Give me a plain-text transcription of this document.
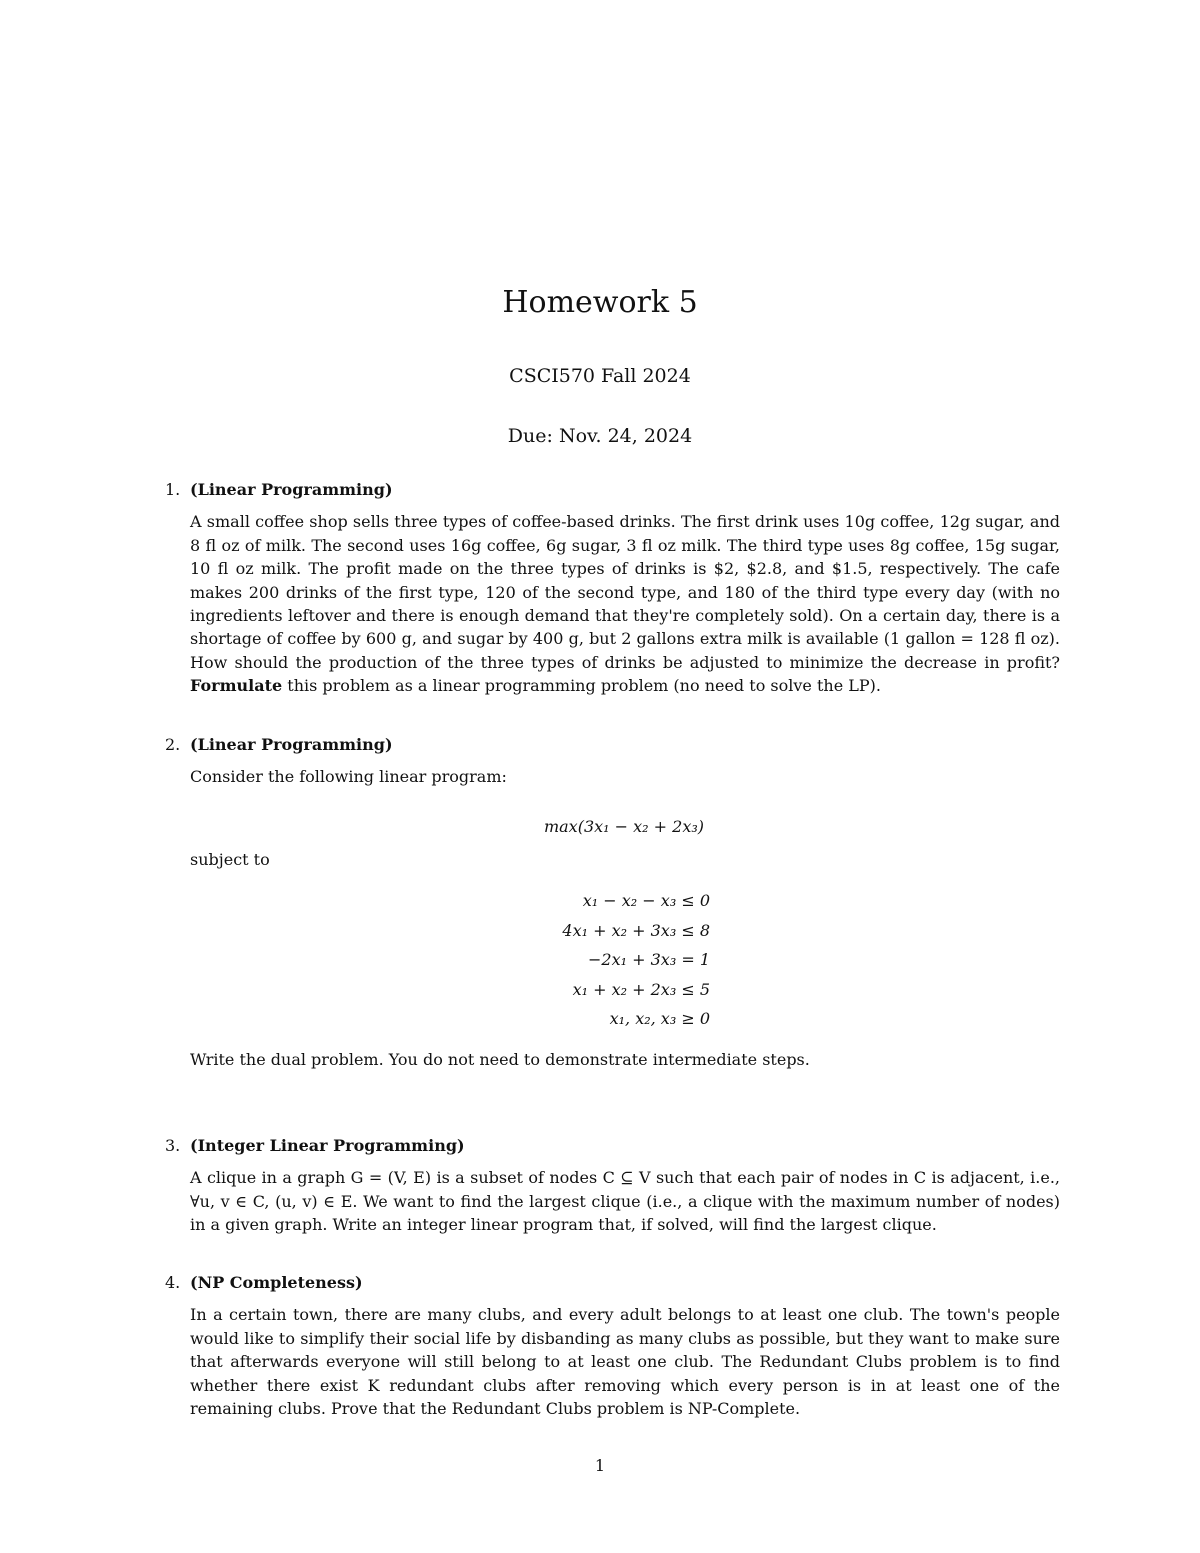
Homework 5
CSCI570 Fall 2024
Due: Nov. 24, 2024
1. (Linear Programming)
A small coffee shop sells three types of coffee-based drinks. The first drink uses 10g coffee, 12g sugar, and 8 fl oz of milk. The second uses 16g coffee, 6g sugar, 3 fl oz milk. The third type uses 8g coffee, 15g sugar, 10 fl oz milk. The profit made on the three types of drinks is $2, $2.8, and $1.5, respectively. The cafe makes 200 drinks of the first type, 120 of the second type, and 180 of the third type every day (with no ingredients leftover and there is enough demand that they're completely sold). On a certain day, there is a shortage of coffee by 600 g, and sugar by 400 g, but 2 gallons extra milk is available (1 gallon = 128 fl oz). How should the production of the three types of drinks be adjusted to minimize the decrease in profit? Formulate this problem as a linear programming problem (no need to solve the LP).
2. (Linear Programming)
Consider the following linear program:
max(3x₁ − x₂ + 2x₃)
subject to
x₁ − x₂ − x₃ ≤ 0
4x₁ + x₂ + 3x₃ ≤ 8
−2x₁ + 3x₃ = 1
x₁ + x₂ + 2x₃ ≤ 5
x₁, x₂, x₃ ≥ 0
Write the dual problem. You do not need to demonstrate intermediate steps.
3. (Integer Linear Programming)
A clique in a graph G = (V, E) is a subset of nodes C ⊆ V such that each pair of nodes in C is adjacent, i.e., ∀u, v ∈ C, (u, v) ∈ E. We want to find the largest clique (i.e., a clique with the maximum number of nodes) in a given graph. Write an integer linear program that, if solved, will find the largest clique.
4. (NP Completeness)
In a certain town, there are many clubs, and every adult belongs to at least one club. The town's people would like to simplify their social life by disbanding as many clubs as possible, but they want to make sure that afterwards everyone will still belong to at least one club. The Redundant Clubs problem is to find whether there exist K redundant clubs after removing which every person is in at least one of the remaining clubs. Prove that the Redundant Clubs problem is NP-Complete.
1
